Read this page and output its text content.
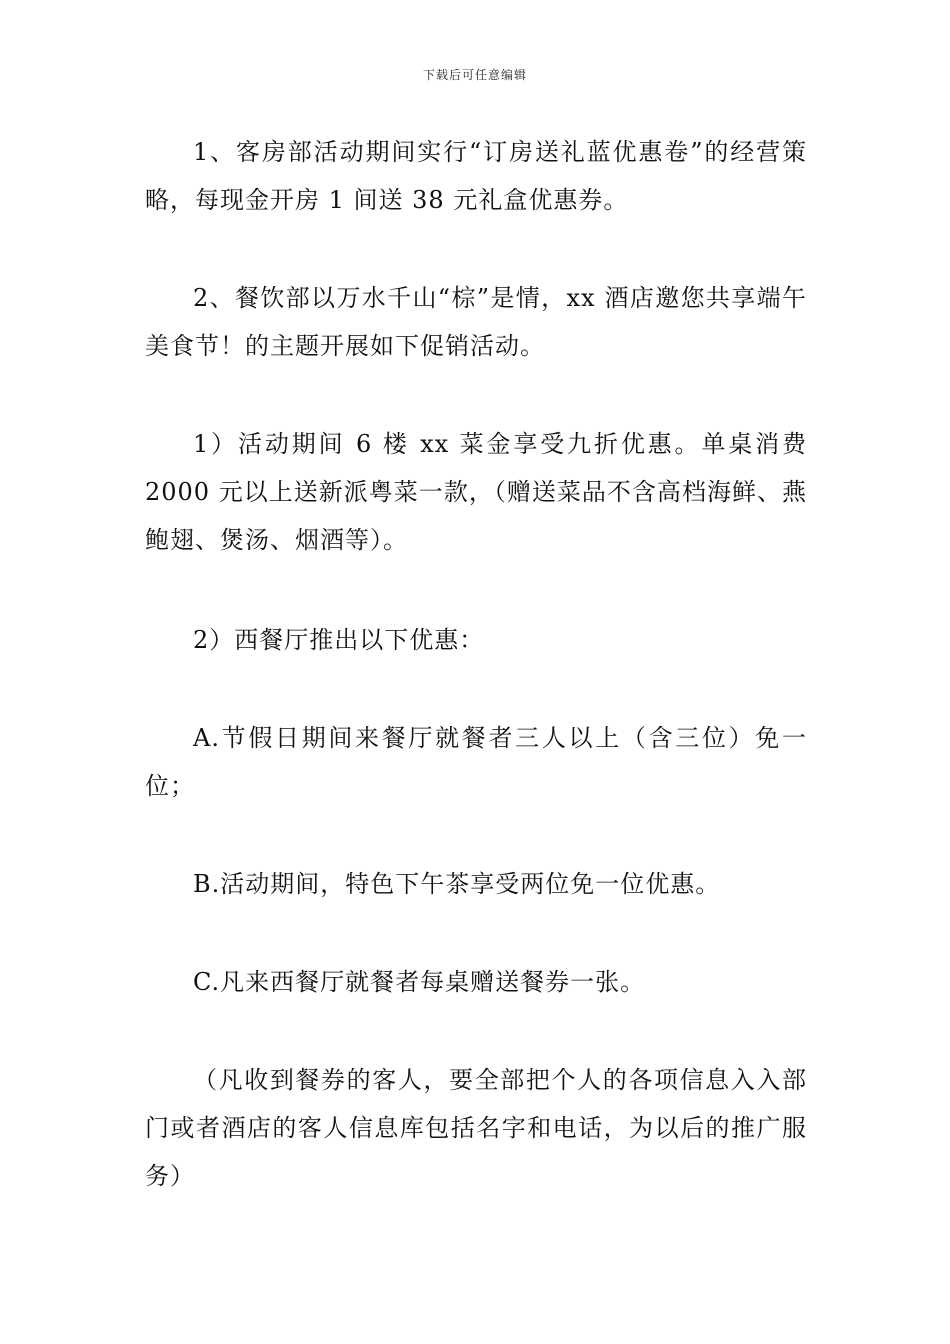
下载后可任意编辑

1、客房部活动期间实行“订房送礼蓝优惠卷”的经营策略，每现金开房 1 间送 38 元礼盒优惠券。

2、餐饮部以万水千山“棕”是情，xx 酒店邀您共享端午美食节！的主题开展如下促销活动。

1）活动期间 6 楼 xx 菜金享受九折优惠。单桌消费 2000 元以上送新派粤菜一款，（赠送菜品不含高档海鲜、燕鲍翅、煲汤、烟酒等）。

2）西餐厅推出以下优惠：

A.节假日期间来餐厅就餐者三人以上（含三位）免一位；

B.活动期间，特色下午茶享受两位免一位优惠。

C.凡来西餐厅就餐者每桌赠送餐券一张。

（凡收到餐券的客人，要全部把个人的各项信息入入部门或者酒店的客人信息库包括名字和电话，为以后的推广服务）
